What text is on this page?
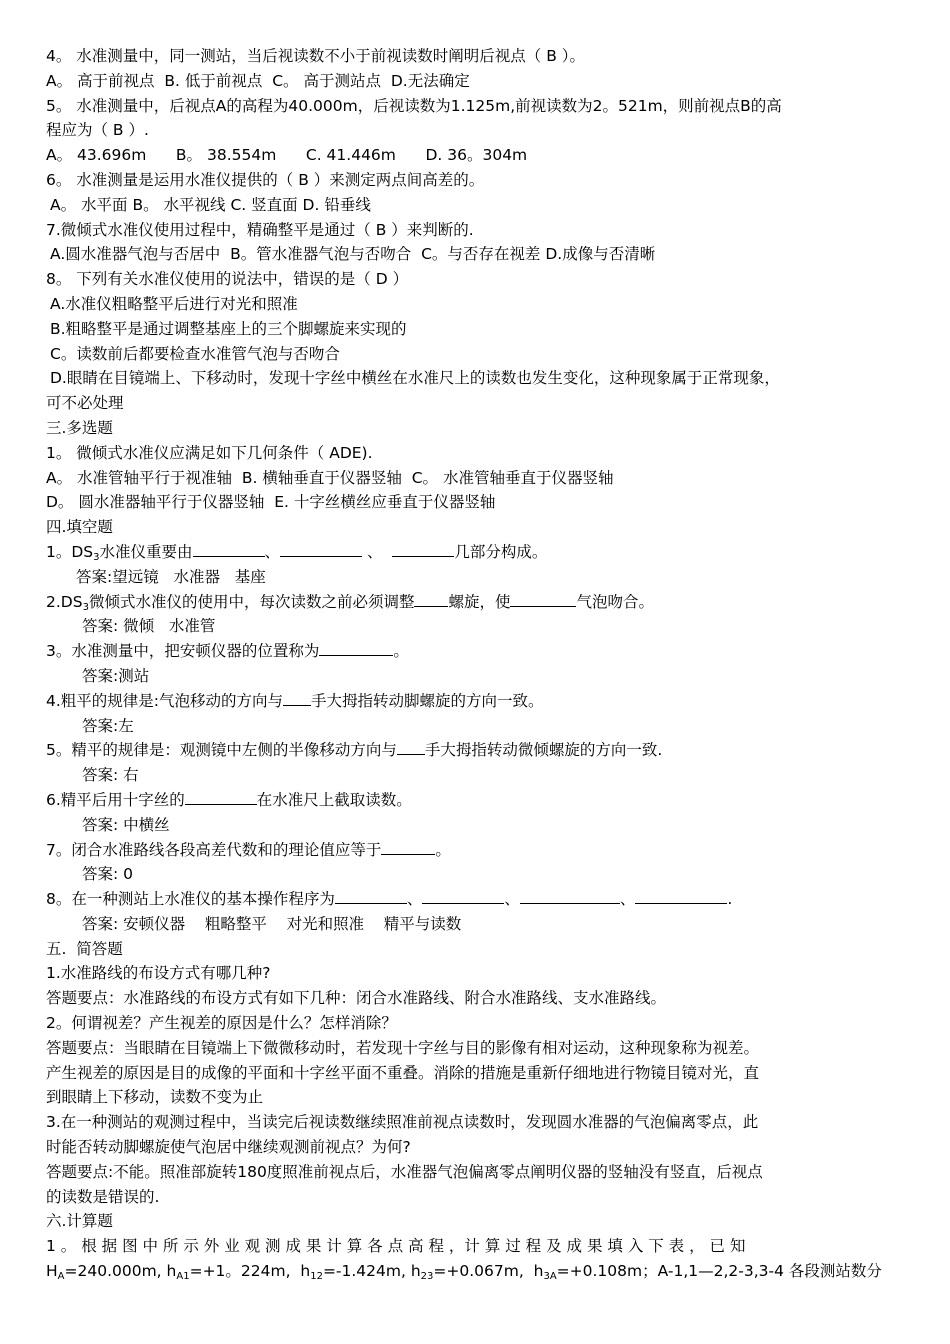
4。 水准测量中，同一测站，当后视读数不小于前视读数时阐明后视点（ B ）。
A。 高于前视点  B. 低于前视点  C。 高于测站点  D.无法确定
5。 水准测量中，后视点A的高程为40.000m，后视读数为1.125m,前视读数为2。521m，则前视点B的高
程应为（ B ）.
A。 43.696m      B。 38.554m      C. 41.446m      D. 36。304m
6。 水准测量是运用水准仪提供的（ B ）来测定两点间高差的。
A。 水平面 B。 水平视线 C. 竖直面 D. 铅垂线
7.微倾式水准仪使用过程中，精确整平是通过（ B ）来判断的.
A.圆水准器气泡与否居中  B。管水准器气泡与否吻合  C。与否存在视差 D.成像与否清晰
8。 下列有关水准仪使用的说法中，错误的是（ D ）
A.水准仪粗略整平后进行对光和照准
B.粗略整平是通过调整基座上的三个脚螺旋来实现的
C。读数前后都要检查水准管气泡与否吻合
D.眼睛在目镜端上、下移动时，发现十字丝中横丝在水准尺上的读数也发生变化，这种现象属于正常现象，
可不必处理
三.多选题
1。 微倾式水准仪应满足如下几何条件（ ADE).
A。 水准管轴平行于视准轴  B. 横轴垂直于仪器竖轴  C。 水准管轴垂直于仪器竖轴
D。 圆水准器轴平行于仪器竖轴  E. 十字丝横丝应垂直于仪器竖轴
四.填空题
1。$DS_3$水准仪重要由	、	、	几部分构成。
答案:望远镜   水准器   基座
$2.DS_3$微倾式水准仪的使用中，每次读数之前必须调整 螺旋，使	气泡吻合。
答案: 微倾   水准管
3。水准测量中，把安顿仪器的位置称为	。
答案:测站
4.粗平的规律是:气泡移动的方向与 手大拇指转动脚螺旋的方向一致。
答案:左
5。精平的规律是：观测镜中左侧的半像移动方向与 手大拇指转动微倾螺旋的方向一致.
答案: 右
6.精平后用十字丝的	在水准尺上截取读数。
答案: 中横丝
7。闭合水准路线各段高差代数和的理论值应等于	。
答案: 0
8。在一种测站上水准仪的基本操作程序为	、	、	、	.
答案: 安顿仪器    粗略整平    对光和照准    精平与读数
五.  简答题
1.水准路线的布设方式有哪几种?
答题要点：水准路线的布设方式有如下几种：闭合水准路线、附合水准路线、支水准路线。
2。何谓视差？产生视差的原因是什么？怎样消除？
答题要点：当眼睛在目镜端上下微微移动时，若发现十字丝与目的影像有相对运动，这种现象称为视差。
产生视差的原因是目的成像的平面和十字丝平面不重叠。消除的措施是重新仔细地进行物镜目镜对光，直
到眼睛上下移动，读数不变为止
3.在一种测站的观测过程中，当读完后视读数继续照准前视点读数时，发现圆水准器的气泡偏离零点，此
时能否转动脚螺旋使气泡居中继续观测前视点？为何?
答题要点:不能。照准部旋转180度照准前视点后，水准器气泡偏离零点阐明仪器的竖轴没有竖直，后视点
的读数是错误的.
六.计算题
1 。 根 据 图 中 所 示 外 业 观 测 成 果 计 算 各 点 高 程 ，计 算 过 程 及 成 果 填 入 下 表 ， 已 知
$H_A=240.000m$, $h_{A1}=+1$。224m,  $h_{12}=-1.424m$, $h_{23}=+0.067m$,  $h_{3A}=+0.108m$；A-1,1—2,2-3,3-4 各段测站数分
